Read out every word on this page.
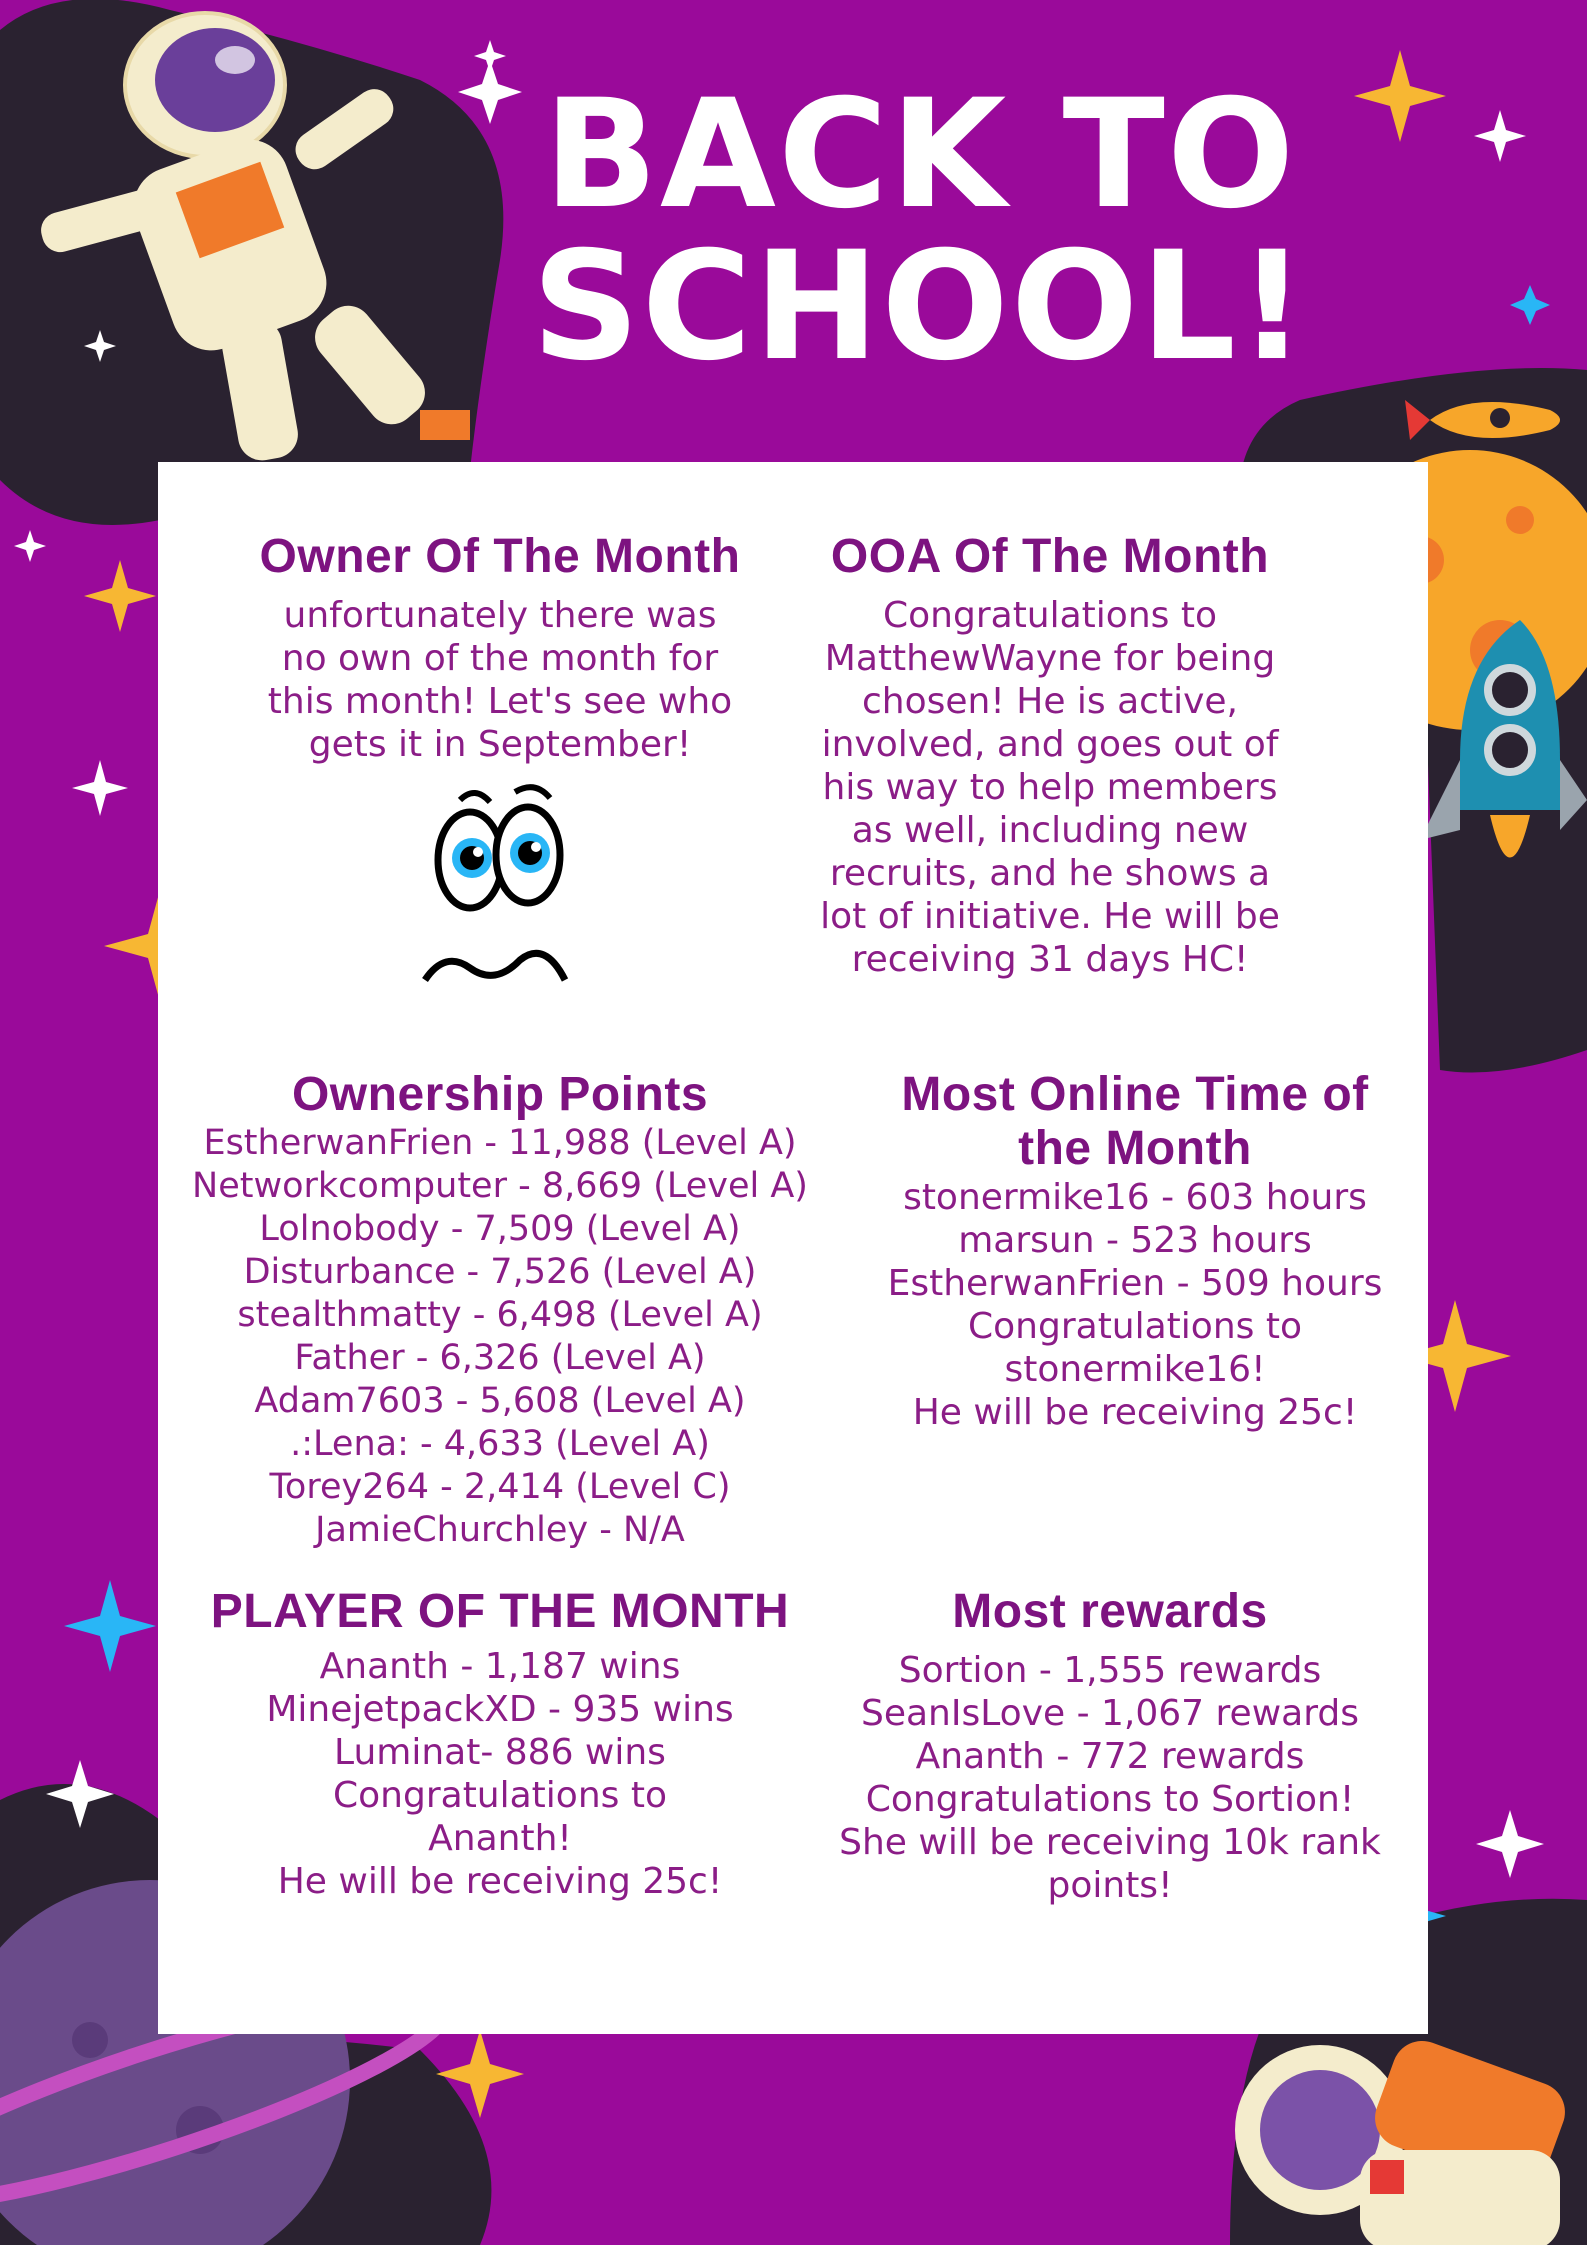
BACK TO
SCHOOL!
Owner Of The Month
unfortunately there was
no own of the month for
this month! Let's see who
gets it in September!
OOA Of The Month
Congratulations to
MatthewWayne for being
chosen! He is active,
involved, and goes out of
his way to help members
as well, including new
recruits, and he shows a
lot of initiative. He will be
receiving 31 days HC!
Ownership Points
EstherwanFrien - 11,988 (Level A)
Networkcomputer - 8,669 (Level A)
Lolnobody - 7,509 (Level A)
Disturbance - 7,526 (Level A)
stealthmatty - 6,498 (Level A)
Father - 6,326 (Level A)
Adam7603 - 5,608 (Level A)
.:Lena: - 4,633 (Level A)
Torey264 - 2,414 (Level C)
JamieChurchley - N/A
Most Online Time of
the Month
stonermike16 - 603 hours
marsun - 523 hours
EstherwanFrien - 509 hours
Congratulations to
stonermike16!
He will be receiving 25c!
PLAYER OF THE MONTH
Ananth - 1,187 wins
MinejetpackXD - 935 wins
Luminat- 886 wins
Congratulations to
Ananth!
He will be receiving 25c!
Most rewards
Sortion - 1,555 rewards
SeanIsLove - 1,067 rewards
Ananth - 772 rewards
Congratulations to Sortion!
She will be receiving 10k rank
points!
